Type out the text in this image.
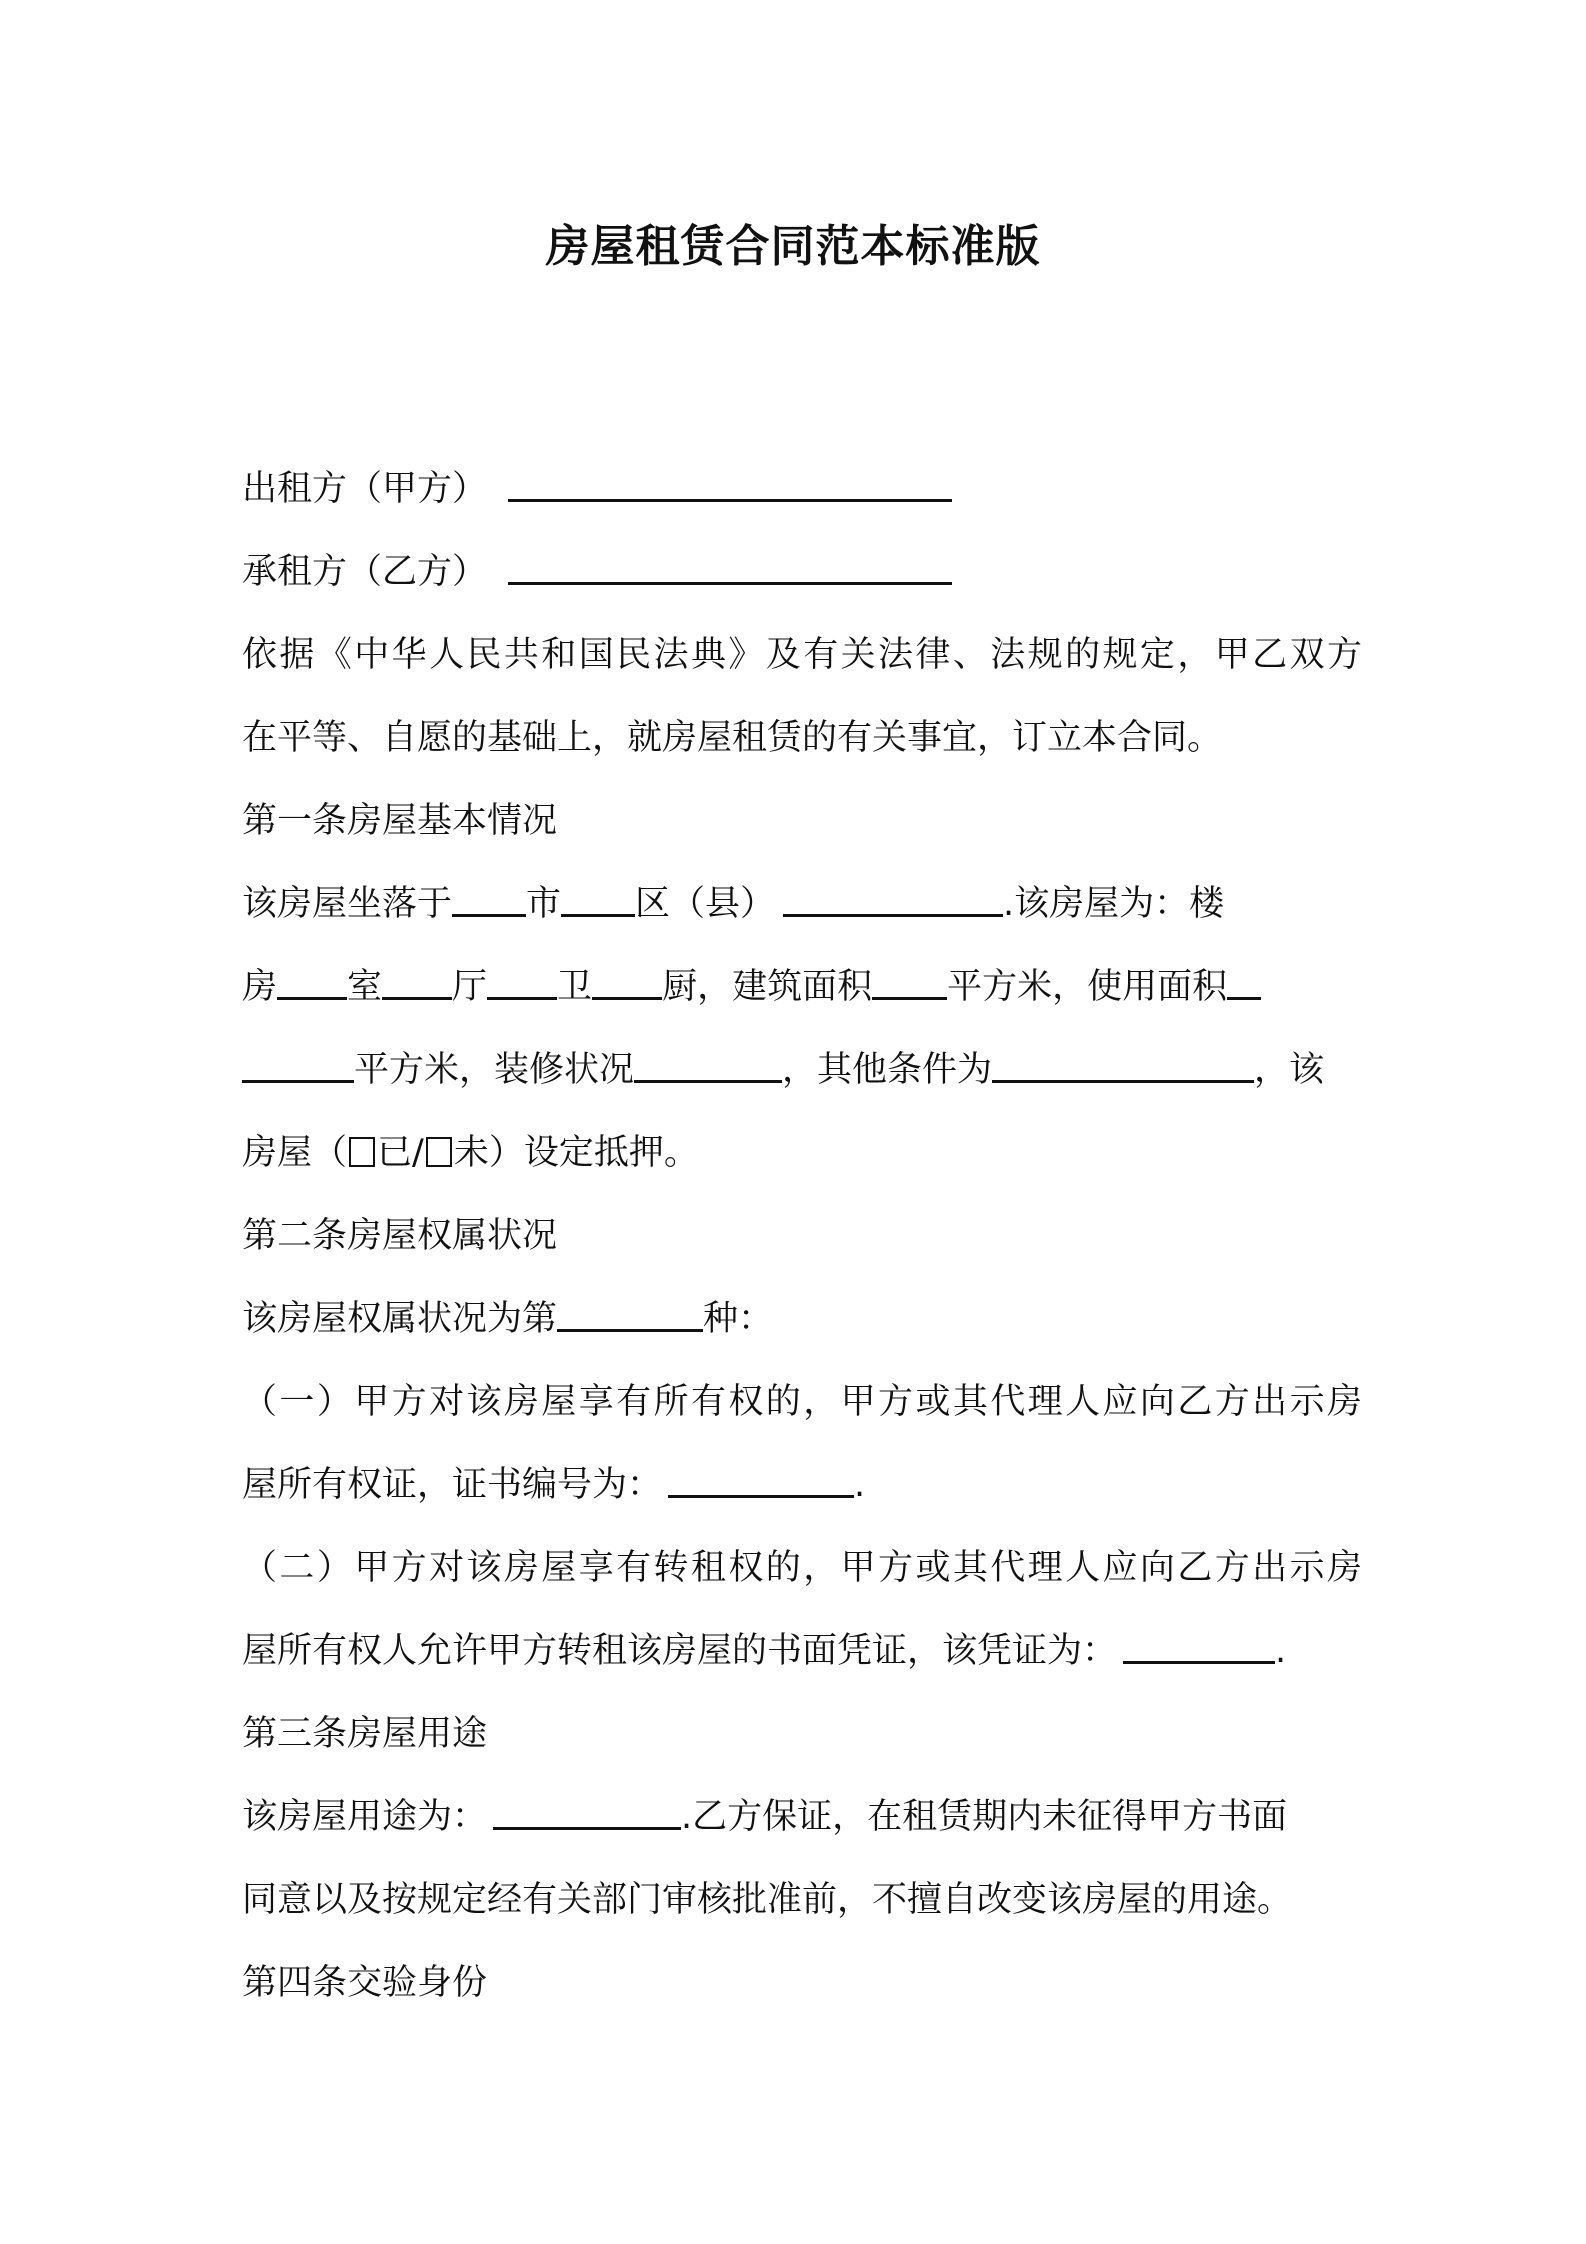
房屋租赁合同范本标准版
出租方（甲方）
承租方（乙方）
依据《中华人民共和国民法典》及有关法律、法规的规定，甲乙双方
在平等、自愿的基础上，就房屋租赁的有关事宜，订立本合同。
第一条房屋基本情况
该房屋坐落于 市 区（县）	.该房屋为：楼
房 室 厅 卫 厨，建筑面积 平方米，使用面积
平方米，装修状况	，其他条件为	，该
房屋（ 已/ 未）设定抵押。
第二条房屋权属状况
该房屋权属状况为第	种：
（一）甲方对该房屋享有所有权的，甲方或其代理人应向乙方出示房
屋所有权证，证书编号为：	.
（二）甲方对该房屋享有转租权的，甲方或其代理人应向乙方出示房
屋所有权人允许甲方转租该房屋的书面凭证，该凭证为：	.
第三条房屋用途
该房屋用途为：	.乙方保证，在租赁期内未征得甲方书面
同意以及按规定经有关部门审核批准前，不擅自改变该房屋的用途。
第四条交验身份
